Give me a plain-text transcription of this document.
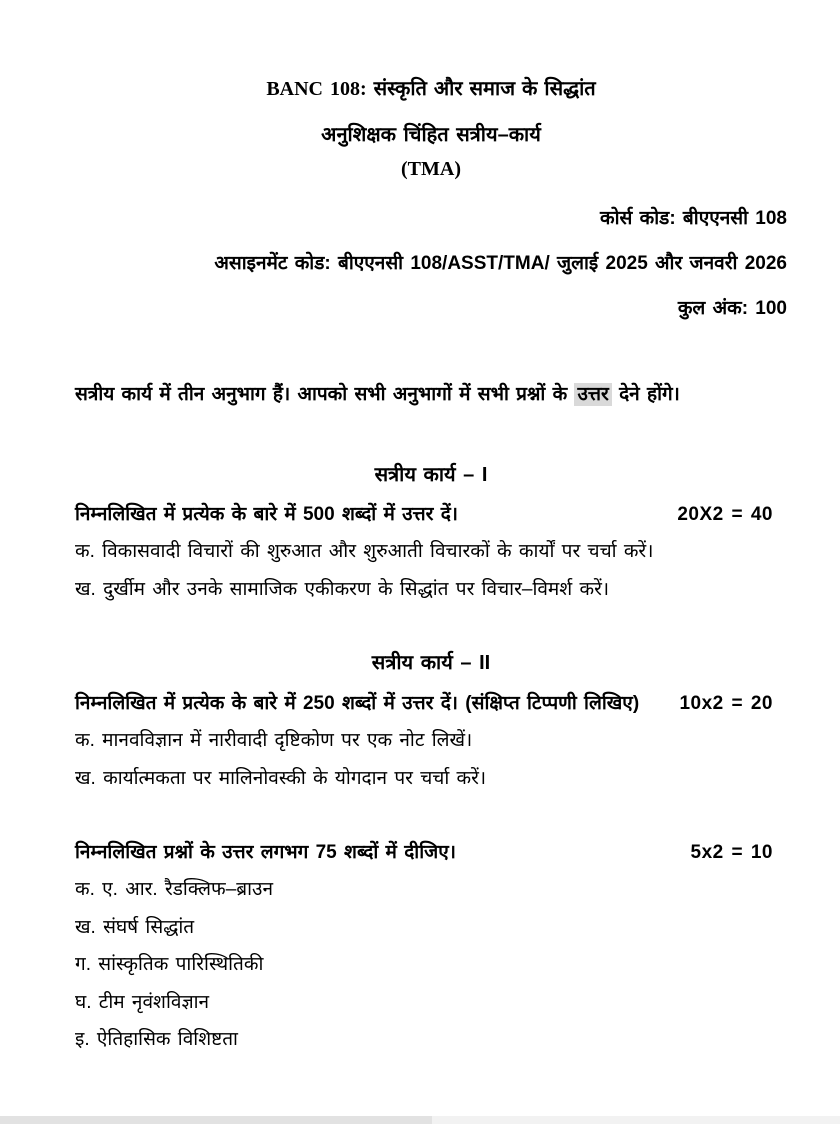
BANC 108: संस्कृति और समाज के सिद्धांत
अनुशिक्षक चिंहित सत्रीय–कार्य
(TMA)
कोर्स कोड: बीएएनसी 108
असाइनमेंट कोड: बीएएनसी 108/ASST/TMA/ जुलाई 2025 और जनवरी 2026
कुल अंक: 100
सत्रीय कार्य में तीन अनुभाग हैं। आपको सभी अनुभागों में सभी प्रश्नों के उत्तर देने होंगे।
सत्रीय कार्य – I
निम्नलिखित में प्रत्येक के बारे में 500 शब्दों में उत्तर दें।	20X2 = 40
क. विकासवादी विचारों की शुरुआत और शुरुआती विचारकों के कार्यों पर चर्चा करें।
ख. दुर्खीम और उनके सामाजिक एकीकरण के सिद्धांत पर विचार–विमर्श करें।
सत्रीय कार्य – II
निम्नलिखित में प्रत्येक के बारे में 250 शब्दों में उत्तर दें। (संक्षिप्त टिप्पणी लिखिए) 10x2 = 20
क. मानवविज्ञान में नारीवादी दृष्टिकोण पर एक नोट लिखें।
ख. कार्यात्मकता पर मालिनोवस्की के योगदान पर चर्चा करें।
निम्नलिखित प्रश्नों के उत्तर लगभग 75 शब्दों में दीजिए।	5x2 = 10
क. ए. आर. रैडक्लिफ–ब्राउन
ख. संघर्ष सिद्धांत
ग. सांस्कृतिक पारिस्थितिकी
घ. टीम नृवंशविज्ञान
इ. ऐतिहासिक विशिष्टता
